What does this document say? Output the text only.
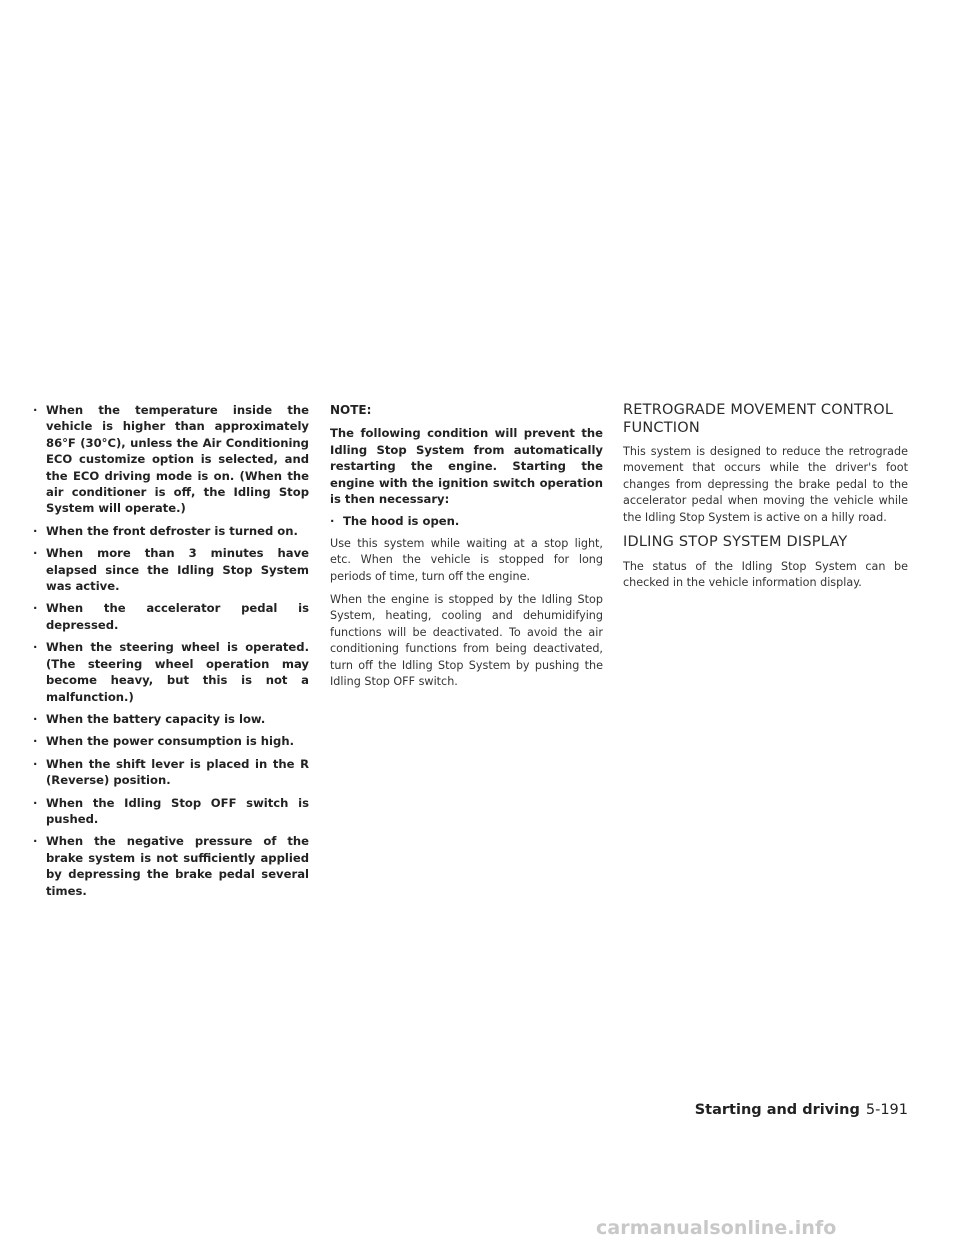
· When the temperature inside the vehicle is higher than approximately 86°F (30°C), unless the Air Conditioning ECO customize option is selected, and the ECO driving mode is on. (When the air conditioner is off, the Idling Stop System will operate.)
· When the front defroster is turned on.
· When more than 3 minutes have elapsed since the Idling Stop System was active.
· When the accelerator pedal is depressed.
· When the steering wheel is operated. (The steering wheel operation may become heavy, but this is not a malfunction.)
· When the battery capacity is low.
· When the power consumption is high.
· When the shift lever is placed in the R (Reverse) position.
· When the Idling Stop OFF switch is pushed.
· When the negative pressure of the brake system is not sufficiently applied by depressing the brake pedal several times.

NOTE:

The following condition will prevent the Idling Stop System from automatically restarting the engine. Starting the engine with the ignition switch operation is then necessary:

· The hood is open.

Use this system while waiting at a stop light, etc. When the vehicle is stopped for long periods of time, turn off the engine.

When the engine is stopped by the Idling Stop System, heating, cooling and dehumidifying functions will be deactivated. To avoid the air conditioning functions from being deactivated, turn off the Idling Stop System by pushing the Idling Stop OFF switch.

RETROGRADE MOVEMENT CONTROL FUNCTION

This system is designed to reduce the retrograde movement that occurs while the driver's foot changes from depressing the brake pedal to the accelerator pedal when moving the vehicle while the Idling Stop System is active on a hilly road.

IDLING STOP SYSTEM DISPLAY

The status of the Idling Stop System can be checked in the vehicle information display.

Starting and driving 5-191
carmanualsonline.info
